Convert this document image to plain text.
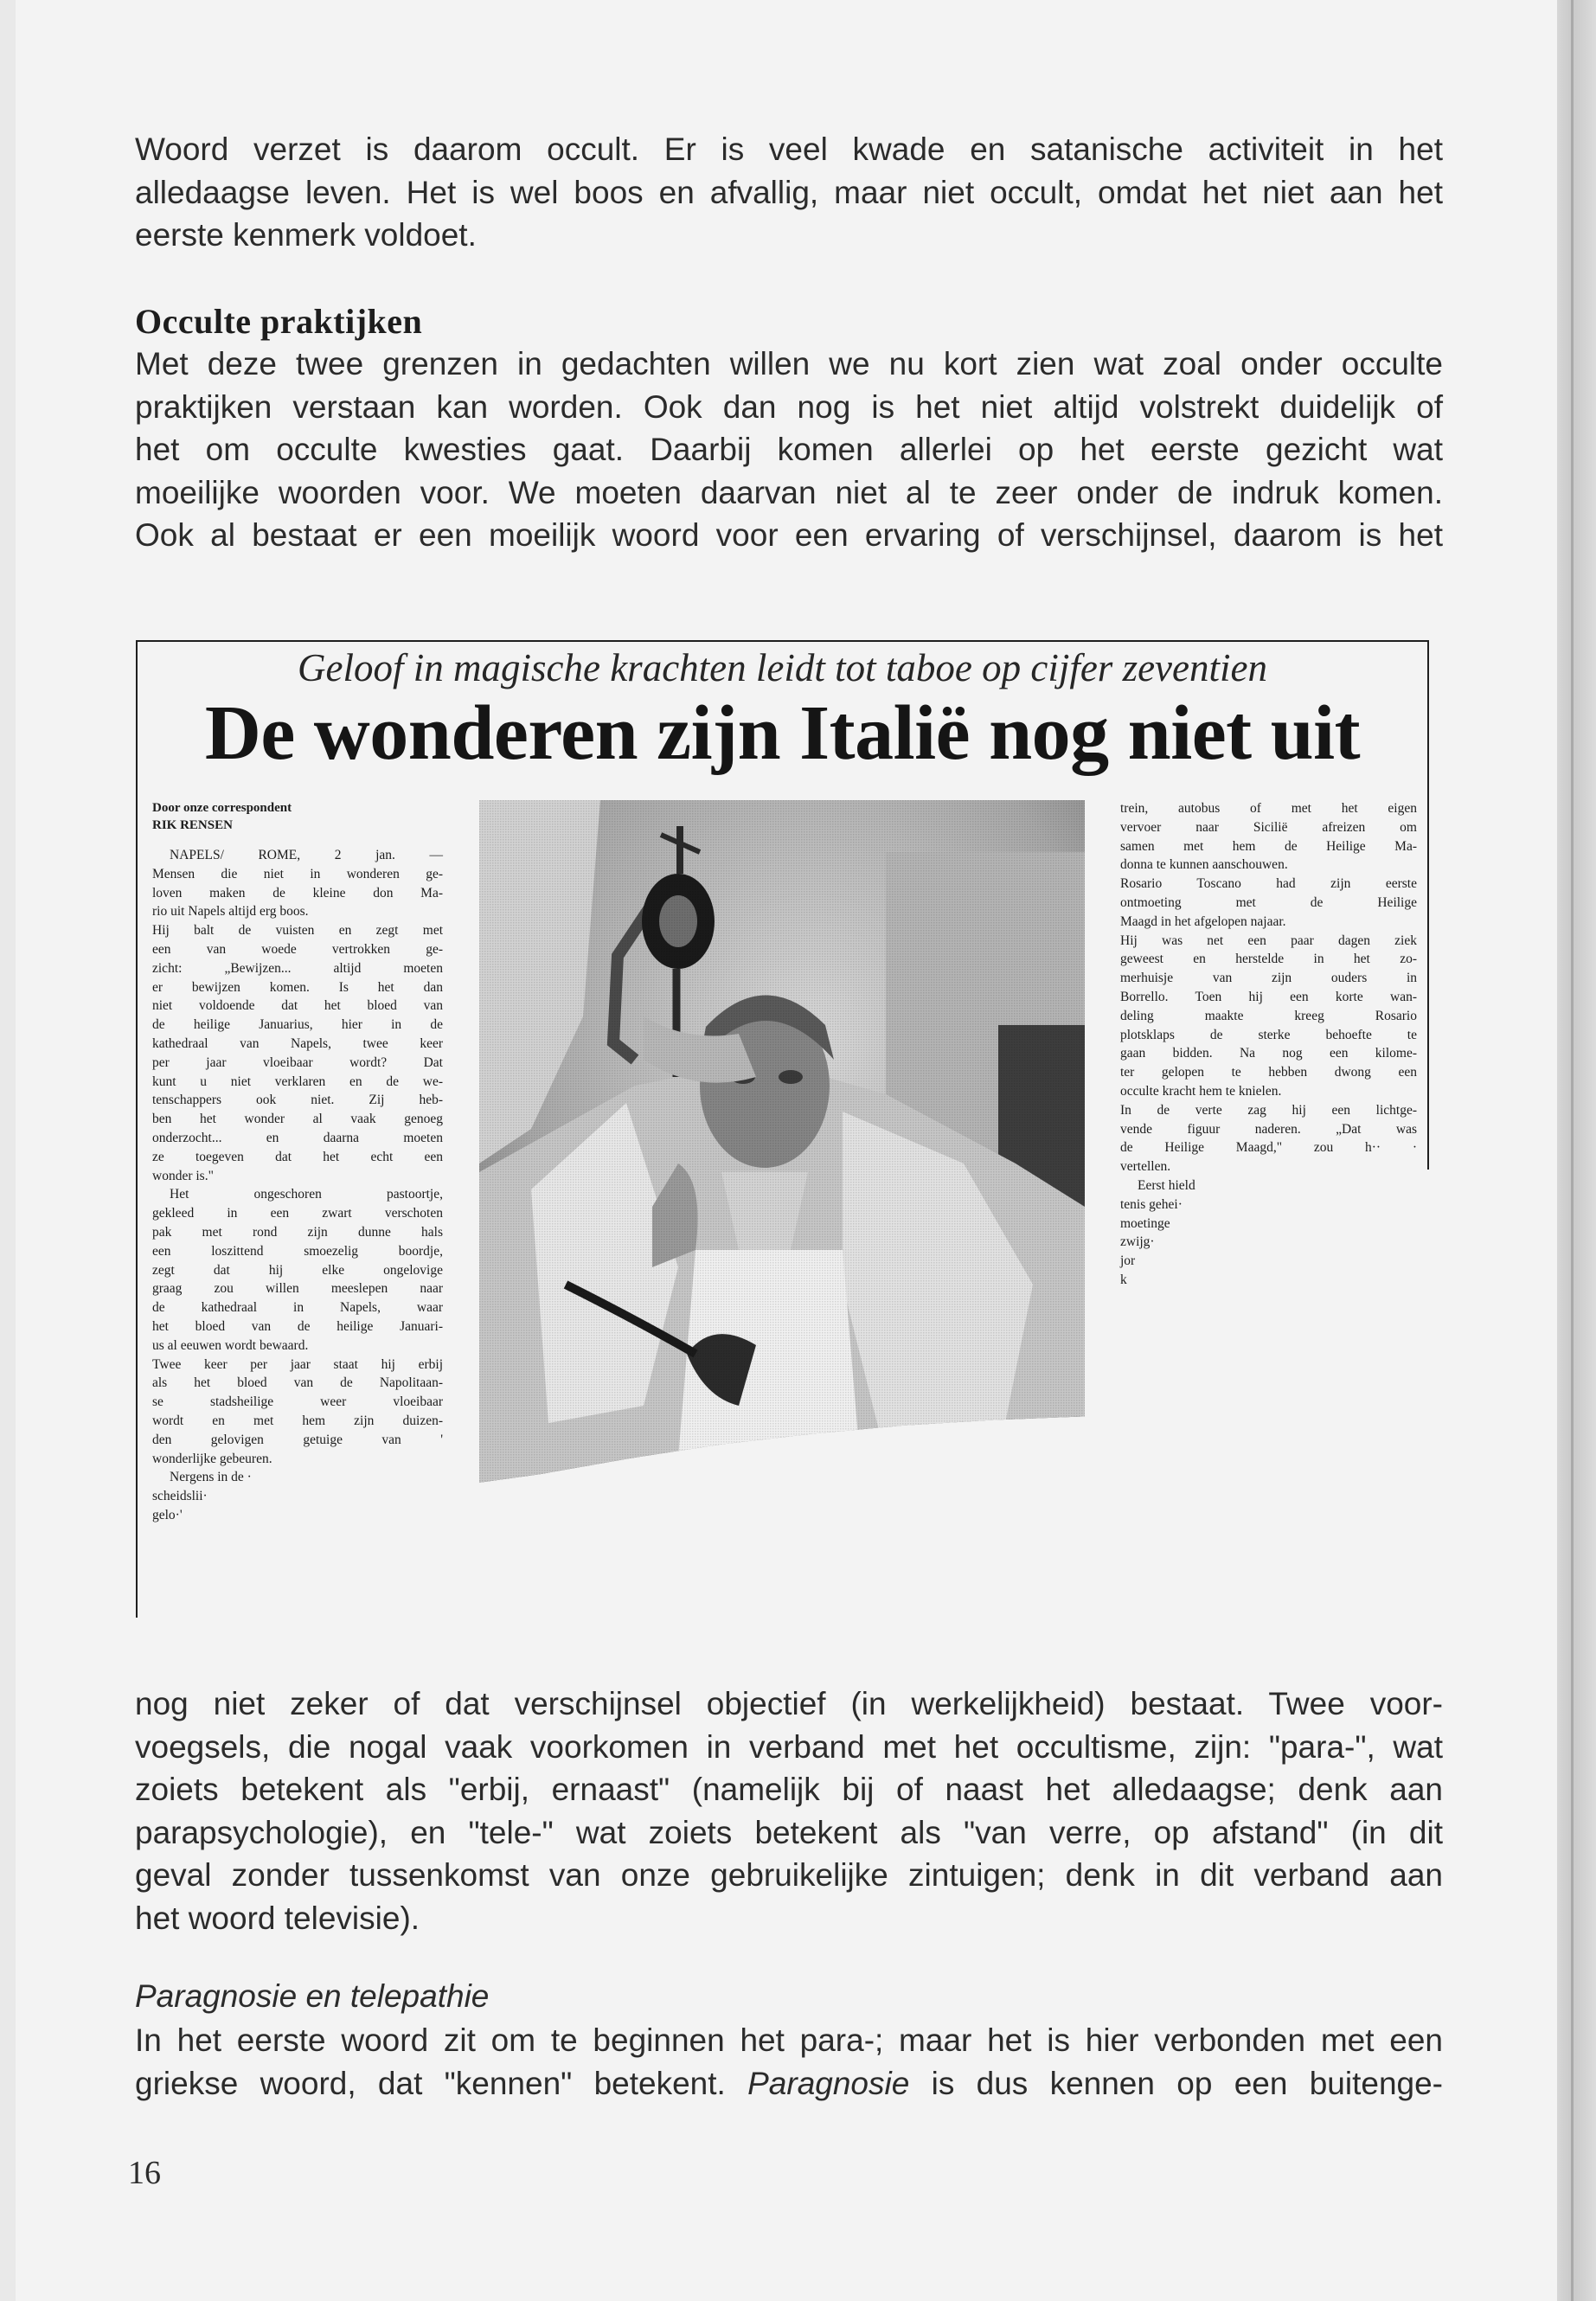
Woord verzet is daarom occult. Er is veel kwade en satanische activiteit in het
alledaagse leven. Het is wel boos en afvallig, maar niet occult, omdat het niet aan het
eerste kenmerk voldoet.
Occulte praktijken
Met deze twee grenzen in gedachten willen we nu kort zien wat zoal onder occulte
praktijken verstaan kan worden. Ook dan nog is het niet altijd volstrekt duidelijk of
het om occulte kwesties gaat. Daarbij komen allerlei op het eerste gezicht wat
moeilijke woorden voor. We moeten daarvan niet al te zeer onder de indruk komen.
Ook al bestaat er een moeilijk woord voor een ervaring of verschijnsel, daarom is het
Geloof in magische krachten leidt tot taboe op cijfer zeventien
De wonderen zijn Italië nog niet uit
Door onze correspondent
RIK RENSEN
NAPELS/ ROME, 2 jan. —
Mensen die niet in wonderen ge-
loven maken de kleine don Ma-
rio uit Napels altijd erg boos.
Hij balt de vuisten en zegt met
een van woede vertrokken ge-
zicht: „Bewijzen... altijd moeten
er bewijzen komen. Is het dan
niet voldoende dat het bloed van
de heilige Januarius, hier in de
kathedraal van Napels, twee keer
per jaar vloeibaar wordt? Dat
kunt u niet verklaren en de we-
tenschappers ook niet. Zij heb-
ben het wonder al vaak genoeg
onderzocht... en daarna moeten
ze toegeven dat het echt een
wonder is."
Het ongeschoren pastoortje,
gekleed in een zwart verschoten
pak met rond zijn dunne hals
een loszittend smoezelig boordje,
zegt dat hij elke ongelovige
graag zou willen meeslepen naar
de kathedraal in Napels, waar
het bloed van de heilige Januari-
us al eeuwen wordt bewaard.
Twee keer per jaar staat hij erbij
als het bloed van de Napolitaan-
se stadsheilige weer vloeibaar
wordt en met hem zijn duizen-
den gelovigen getuige van '
wonderlijke gebeuren.
Nergens in de ·
scheidslii·
gelo·'
trein, autobus of met het eigen
vervoer naar Sicilië afreizen om
samen met hem de Heilige Ma-
donna te kunnen aanschouwen.
Rosario Toscano had zijn eerste
ontmoeting met de Heilige
Maagd in het afgelopen najaar.
Hij was net een paar dagen ziek
geweest en herstelde in het zo-
merhuisje van zijn ouders in
Borrello. Toen hij een korte wan-
deling maakte kreeg Rosario
plotsklaps de sterke behoefte te
gaan bidden. Na nog een kilome-
ter gelopen te hebben dwong een
occulte kracht hem te knielen.
In de verte zag hij een lichtge-
vende figuur naderen. „Dat was
de Heilige Maagd," zou h·· ·
vertellen.
Eerst hield
tenis gehei·
moetinge
zwijg·
jor
k
nog niet zeker of dat verschijnsel objectief (in werkelijkheid) bestaat. Twee voor-
voegsels, die nogal vaak voorkomen in verband met het occultisme, zijn: "para-", wat
zoiets betekent als "erbij, ernaast" (namelijk bij of naast het alledaagse; denk aan
parapsychologie), en "tele-" wat zoiets betekent als "van verre, op afstand" (in dit
geval zonder tussenkomst van onze gebruikelijke zintuigen; denk in dit verband aan
het woord televisie).
Paragnosie en telepathie
In het eerste woord zit om te beginnen het para-; maar het is hier verbonden met een
griekse woord, dat "kennen" betekent. Paragnosie is dus kennen op een buitenge-
16
